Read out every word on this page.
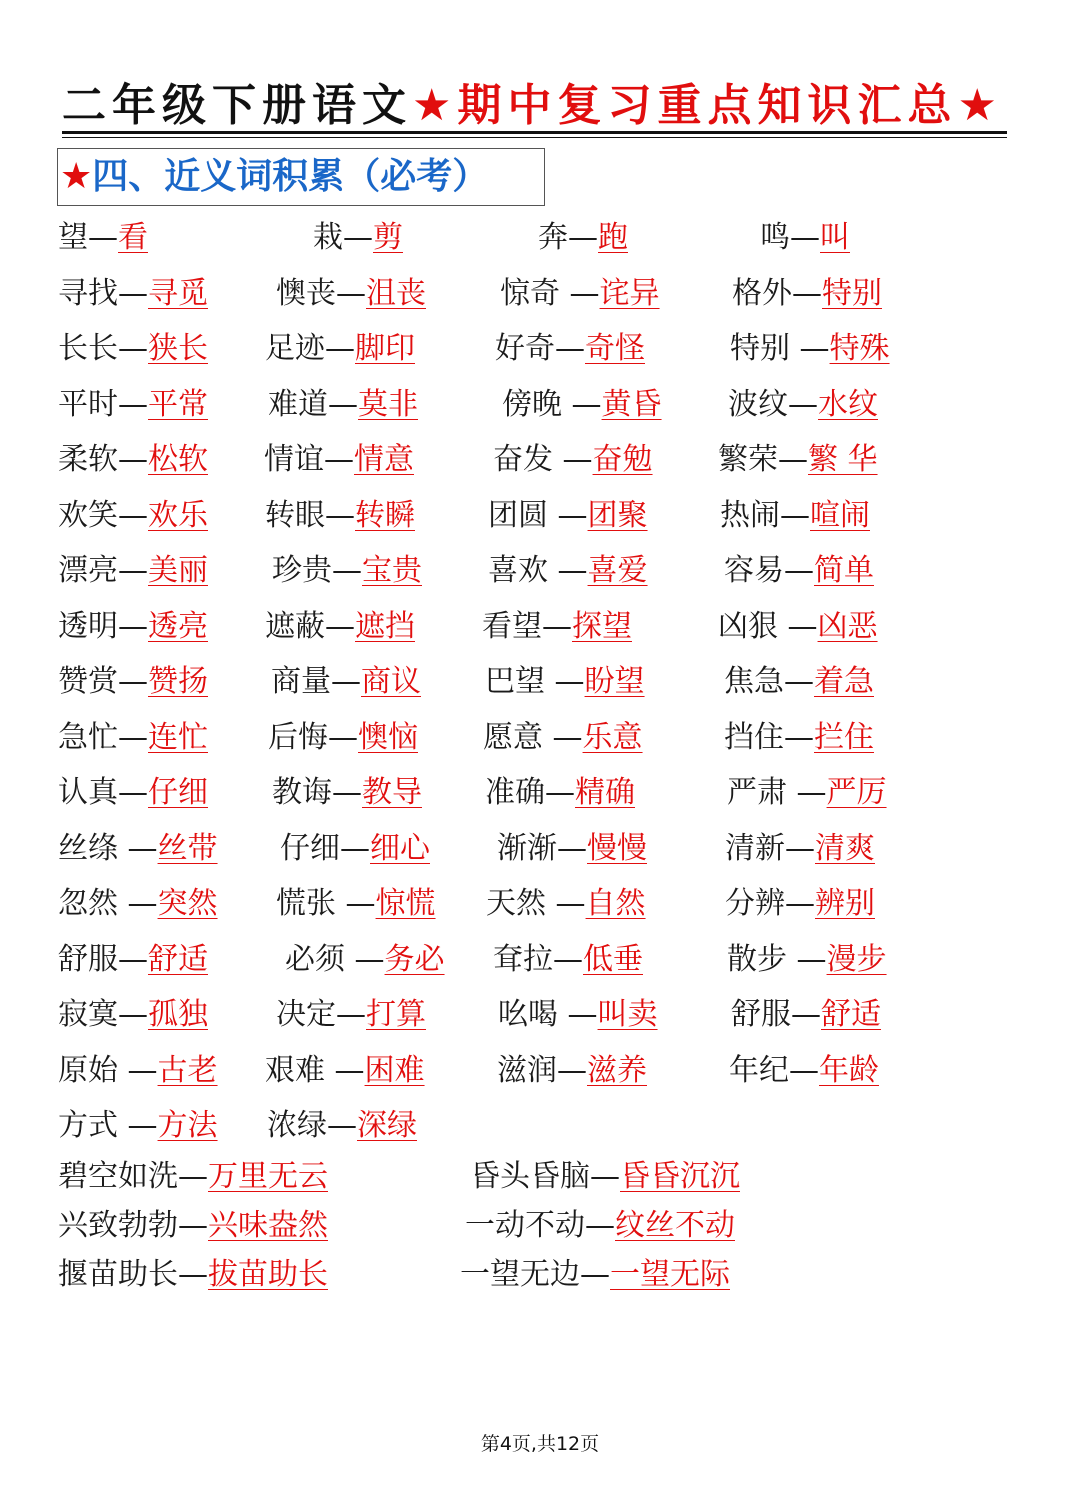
二年级下册语文★期中复习重点知识汇总★
★四、近义词积累（必考）
望—看	栽—剪	奔—跑	鸣—叫
寻找—寻觅 懊丧—沮丧 惊奇 —诧异 格外—特别
长长—狭长 足迹—脚印	好奇—奇怪	特别 —特殊
平时—平常 难道—莫非	傍晚 —黄昏 波纹—水纹
柔软—松软 情谊—情意	奋发 —奋勉 繁荣—繁 华
欢笑—欢乐 转眼—转瞬 团圆 —团聚 热闹—喧闹
漂亮—美丽 珍贵—宝贵 喜欢 —喜爱	容易—简单
透明—透亮 遮蔽—遮挡 看望—探望	凶狠 —凶恶
赞赏—赞扬 商量—商议 巴望 —盼望	焦急—着急
急忙—连忙 后悔—懊恼 愿意 —乐意	挡住—拦住
认真—仔细 教诲—教导 准确—精确	严肃 —严厉
丝绦 —丝带 仔细—细心 渐渐—慢慢	清新—清爽
忽然 —突然 慌张 —惊慌 天然 —自然	分辨—辨别
舒服—舒适	必须 —务必 耷拉—低垂	散步 —漫步
寂寞—孤独 决定—打算 吆喝 —叫卖 舒服—舒适
原始 —古老 艰难 —困难 滋润—滋养	年纪—年龄
方式 —方法 浓绿—深绿
碧空如洗—万里无云	昏头昏脑—昏昏沉沉
兴致勃勃—兴味盎然	一动不动—纹丝不动
揠苗助长—拔苗助长	一望无边—一望无际
第4页,共12页
